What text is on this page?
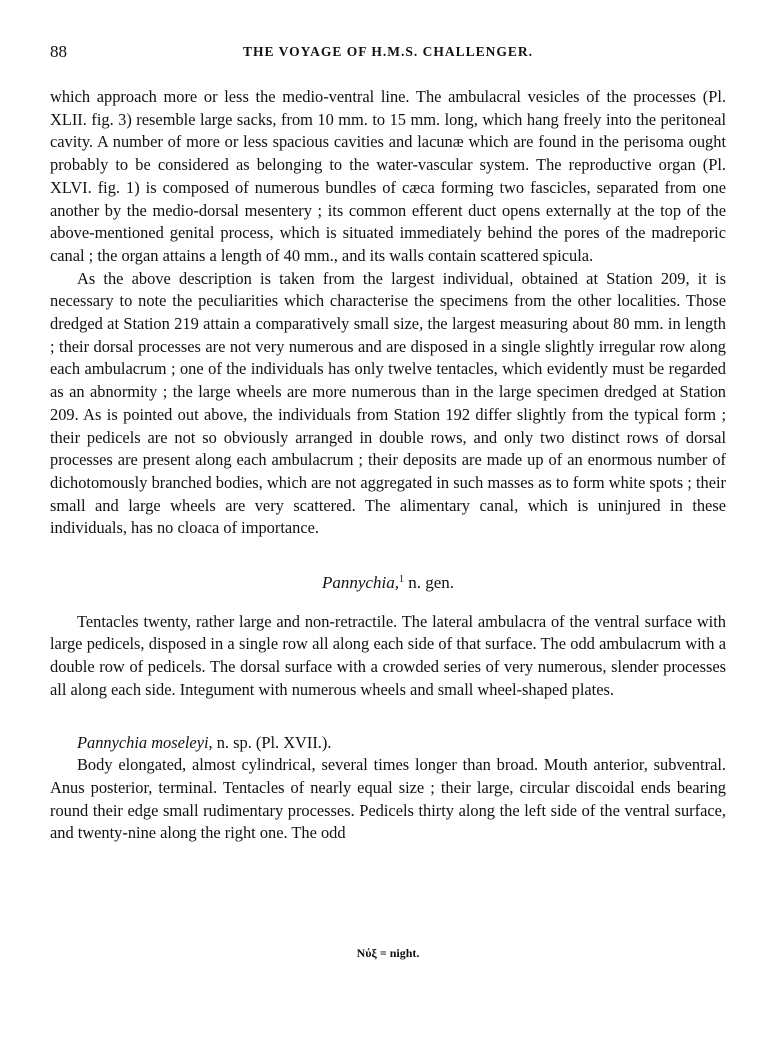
88	THE VOYAGE OF H.M.S. CHALLENGER.

which approach more or less the medio-ventral line. The ambulacral vesicles of the processes (Pl. XLII. fig. 3) resemble large sacks, from 10 mm. to 15 mm. long, which hang freely into the peritoneal cavity. A number of more or less spacious cavities and lacunæ which are found in the perisoma ought probably to be considered as belonging to the water-vascular system. The reproductive organ (Pl. XLVI. fig. 1) is composed of numerous bundles of cæca forming two fascicles, separated from one another by the medio-dorsal mesentery ; its common efferent duct opens externally at the top of the above-mentioned genital process, which is situated immediately behind the pores of the madreporic canal ; the organ attains a length of 40 mm., and its walls contain scattered spicula.

As the above description is taken from the largest individual, obtained at Station 209, it is necessary to note the peculiarities which characterise the specimens from the other localities. Those dredged at Station 219 attain a comparatively small size, the largest measuring about 80 mm. in length ; their dorsal processes are not very numerous and are disposed in a single slightly irregular row along each ambulacrum ; one of the individuals has only twelve tentacles, which evidently must be regarded as an abnormity ; the large wheels are more numerous than in the large specimen dredged at Station 209. As is pointed out above, the individuals from Station 192 differ slightly from the typical form ; their pedicels are not so obviously arranged in double rows, and only two distinct rows of dorsal processes are present along each ambulacrum ; their deposits are made up of an enormous number of dichotomously branched bodies, which are not aggregated in such masses as to form white spots ; their small and large wheels are very scattered. The alimentary canal, which is uninjured in these individuals, has no cloaca of importance.

Pannychia,$^1$ n. gen.

Tentacles twenty, rather large and non-retractile. The lateral ambulacra of the ventral surface with large pedicels, disposed in a single row all along each side of that surface. The odd ambulacrum with a double row of pedicels. The dorsal surface with a crowded series of very numerous, slender processes all along each side. Integument with numerous wheels and small wheel-shaped plates.

Pannychia moseleyi, n. sp. (Pl. XVII.).

Body elongated, almost cylindrical, several times longer than broad. Mouth anterior, subventral. Anus posterior, terminal. Tentacles of nearly equal size ; their large, circular discoidal ends bearing round their edge small rudimentary processes. Pedicels thirty along the left side of the ventral surface, and twenty-nine along the right one. The odd

Nύξ = night.
